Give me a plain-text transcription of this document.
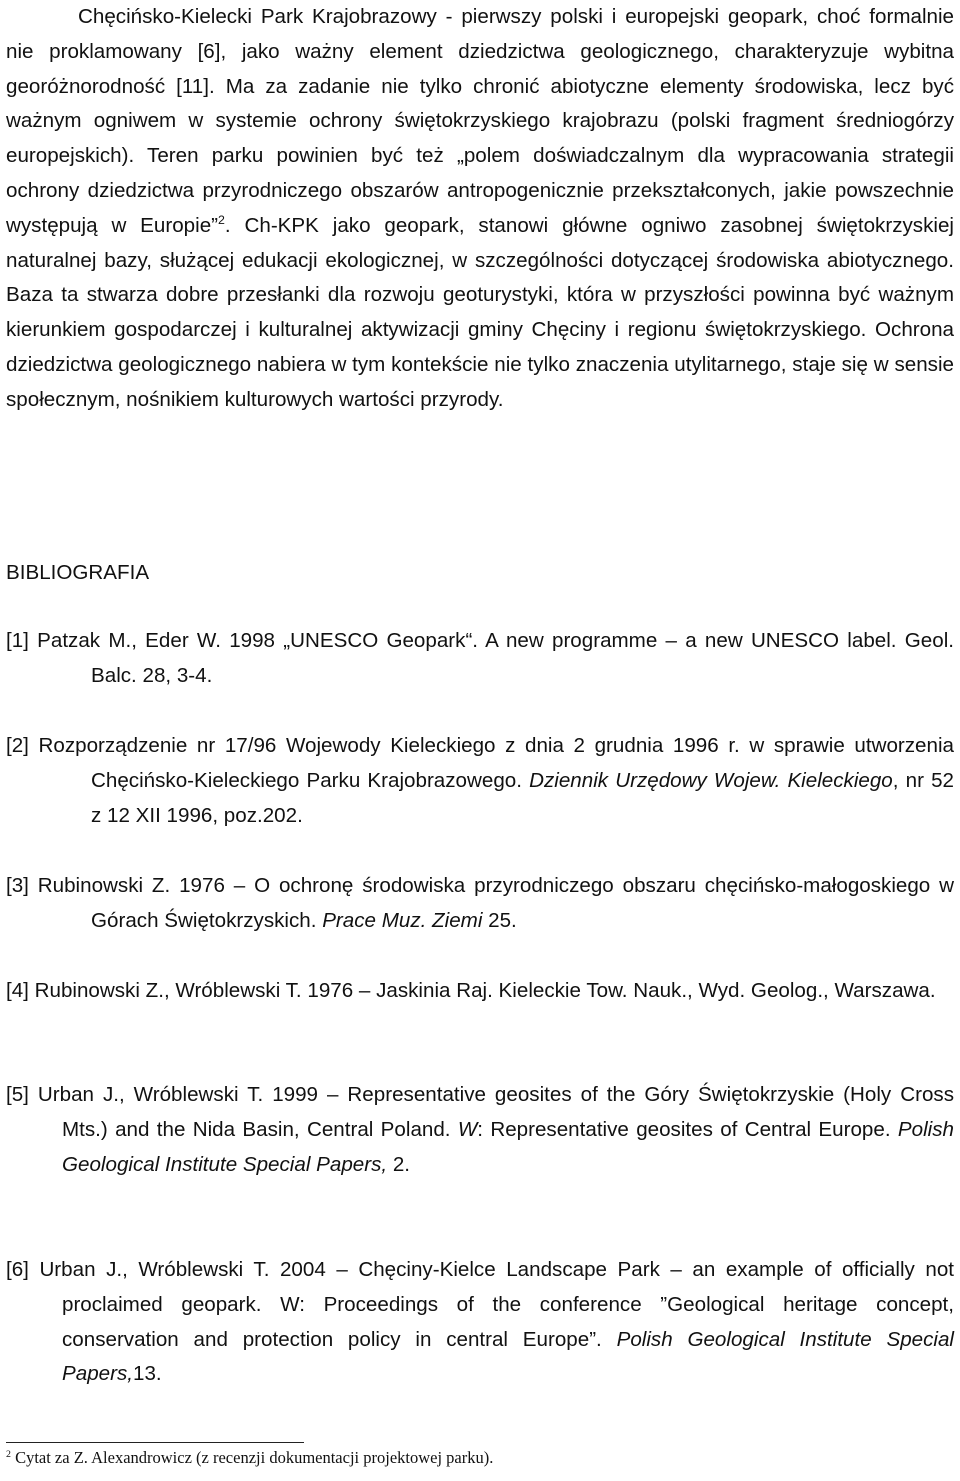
Chęcińsko-Kielecki Park Krajobrazowy - pierwszy polski i europejski geopark, choć formalnie nie proklamowany [6], jako ważny element dziedzictwa geologicznego, charakteryzuje wybitna georóżnorodność [11]. Ma za zadanie nie tylko chronić abiotyczne elementy środowiska, lecz być ważnym ogniwem w systemie ochrony świętokrzyskiego krajobrazu (polski fragment średniogórzy europejskich). Teren parku powinien być też „polem doświadczalnym dla wypracowania strategii ochrony dziedzictwa przyrodniczego obszarów antropogenicznie przekształconych, jakie powszechnie występują w Europie”$^2$. Ch-KPK jako geopark, stanowi główne ogniwo zasobnej świętokrzyskiej naturalnej bazy, służącej edukacji ekologicznej, w szczególności dotyczącej środowiska abiotycznego. Baza ta stwarza dobre przesłanki dla rozwoju geoturystyki, która w przyszłości powinna być ważnym kierunkiem gospodarczej i kulturalnej aktywizacji gminy Chęciny i regionu świętokrzyskiego. Ochrona dziedzictwa geologicznego nabiera w tym kontekście nie tylko znaczenia utylitarnego, staje się w sensie społecznym, nośnikiem kulturowych wartości przyrody.

BIBLIOGRAFIA

[1] Patzak M., Eder W. 1998 „UNESCO Geopark“. A new programme – a new UNESCO label. Geol. Balc. 28, 3-4.

[2] Rozporządzenie nr 17/96 Wojewody Kieleckiego z dnia 2 grudnia 1996 r. w sprawie utworzenia Chęcińsko-Kieleckiego Parku Krajobrazowego. Dziennik Urzędowy Wojew. Kieleckiego, nr 52 z 12 XII 1996, poz.202.

[3] Rubinowski Z. 1976 – O ochronę środowiska przyrodniczego obszaru chęcińsko-małogoskiego w Górach Świętokrzyskich. Prace Muz. Ziemi 25.

[4] Rubinowski Z., Wróblewski T. 1976 – Jaskinia Raj. Kieleckie Tow. Nauk., Wyd. Geolog., Warszawa.

[5] Urban J., Wróblewski T. 1999 – Representative geosites of the Góry Świętokrzyskie (Holy Cross Mts.) and the Nida Basin, Central Poland. W: Representative geosites of Central Europe. Polish Geological Institute Special Papers, 2.

[6] Urban J., Wróblewski T. 2004 – Chęciny-Kielce Landscape Park – an example of officially not proclaimed geopark. W: Proceedings of the conference ”Geological heritage concept, conservation and protection policy in central Europe”. Polish Geological Institute Special Papers,13.

$^2$ Cytat za Z. Alexandrowicz (z recenzji dokumentacji projektowej parku).
